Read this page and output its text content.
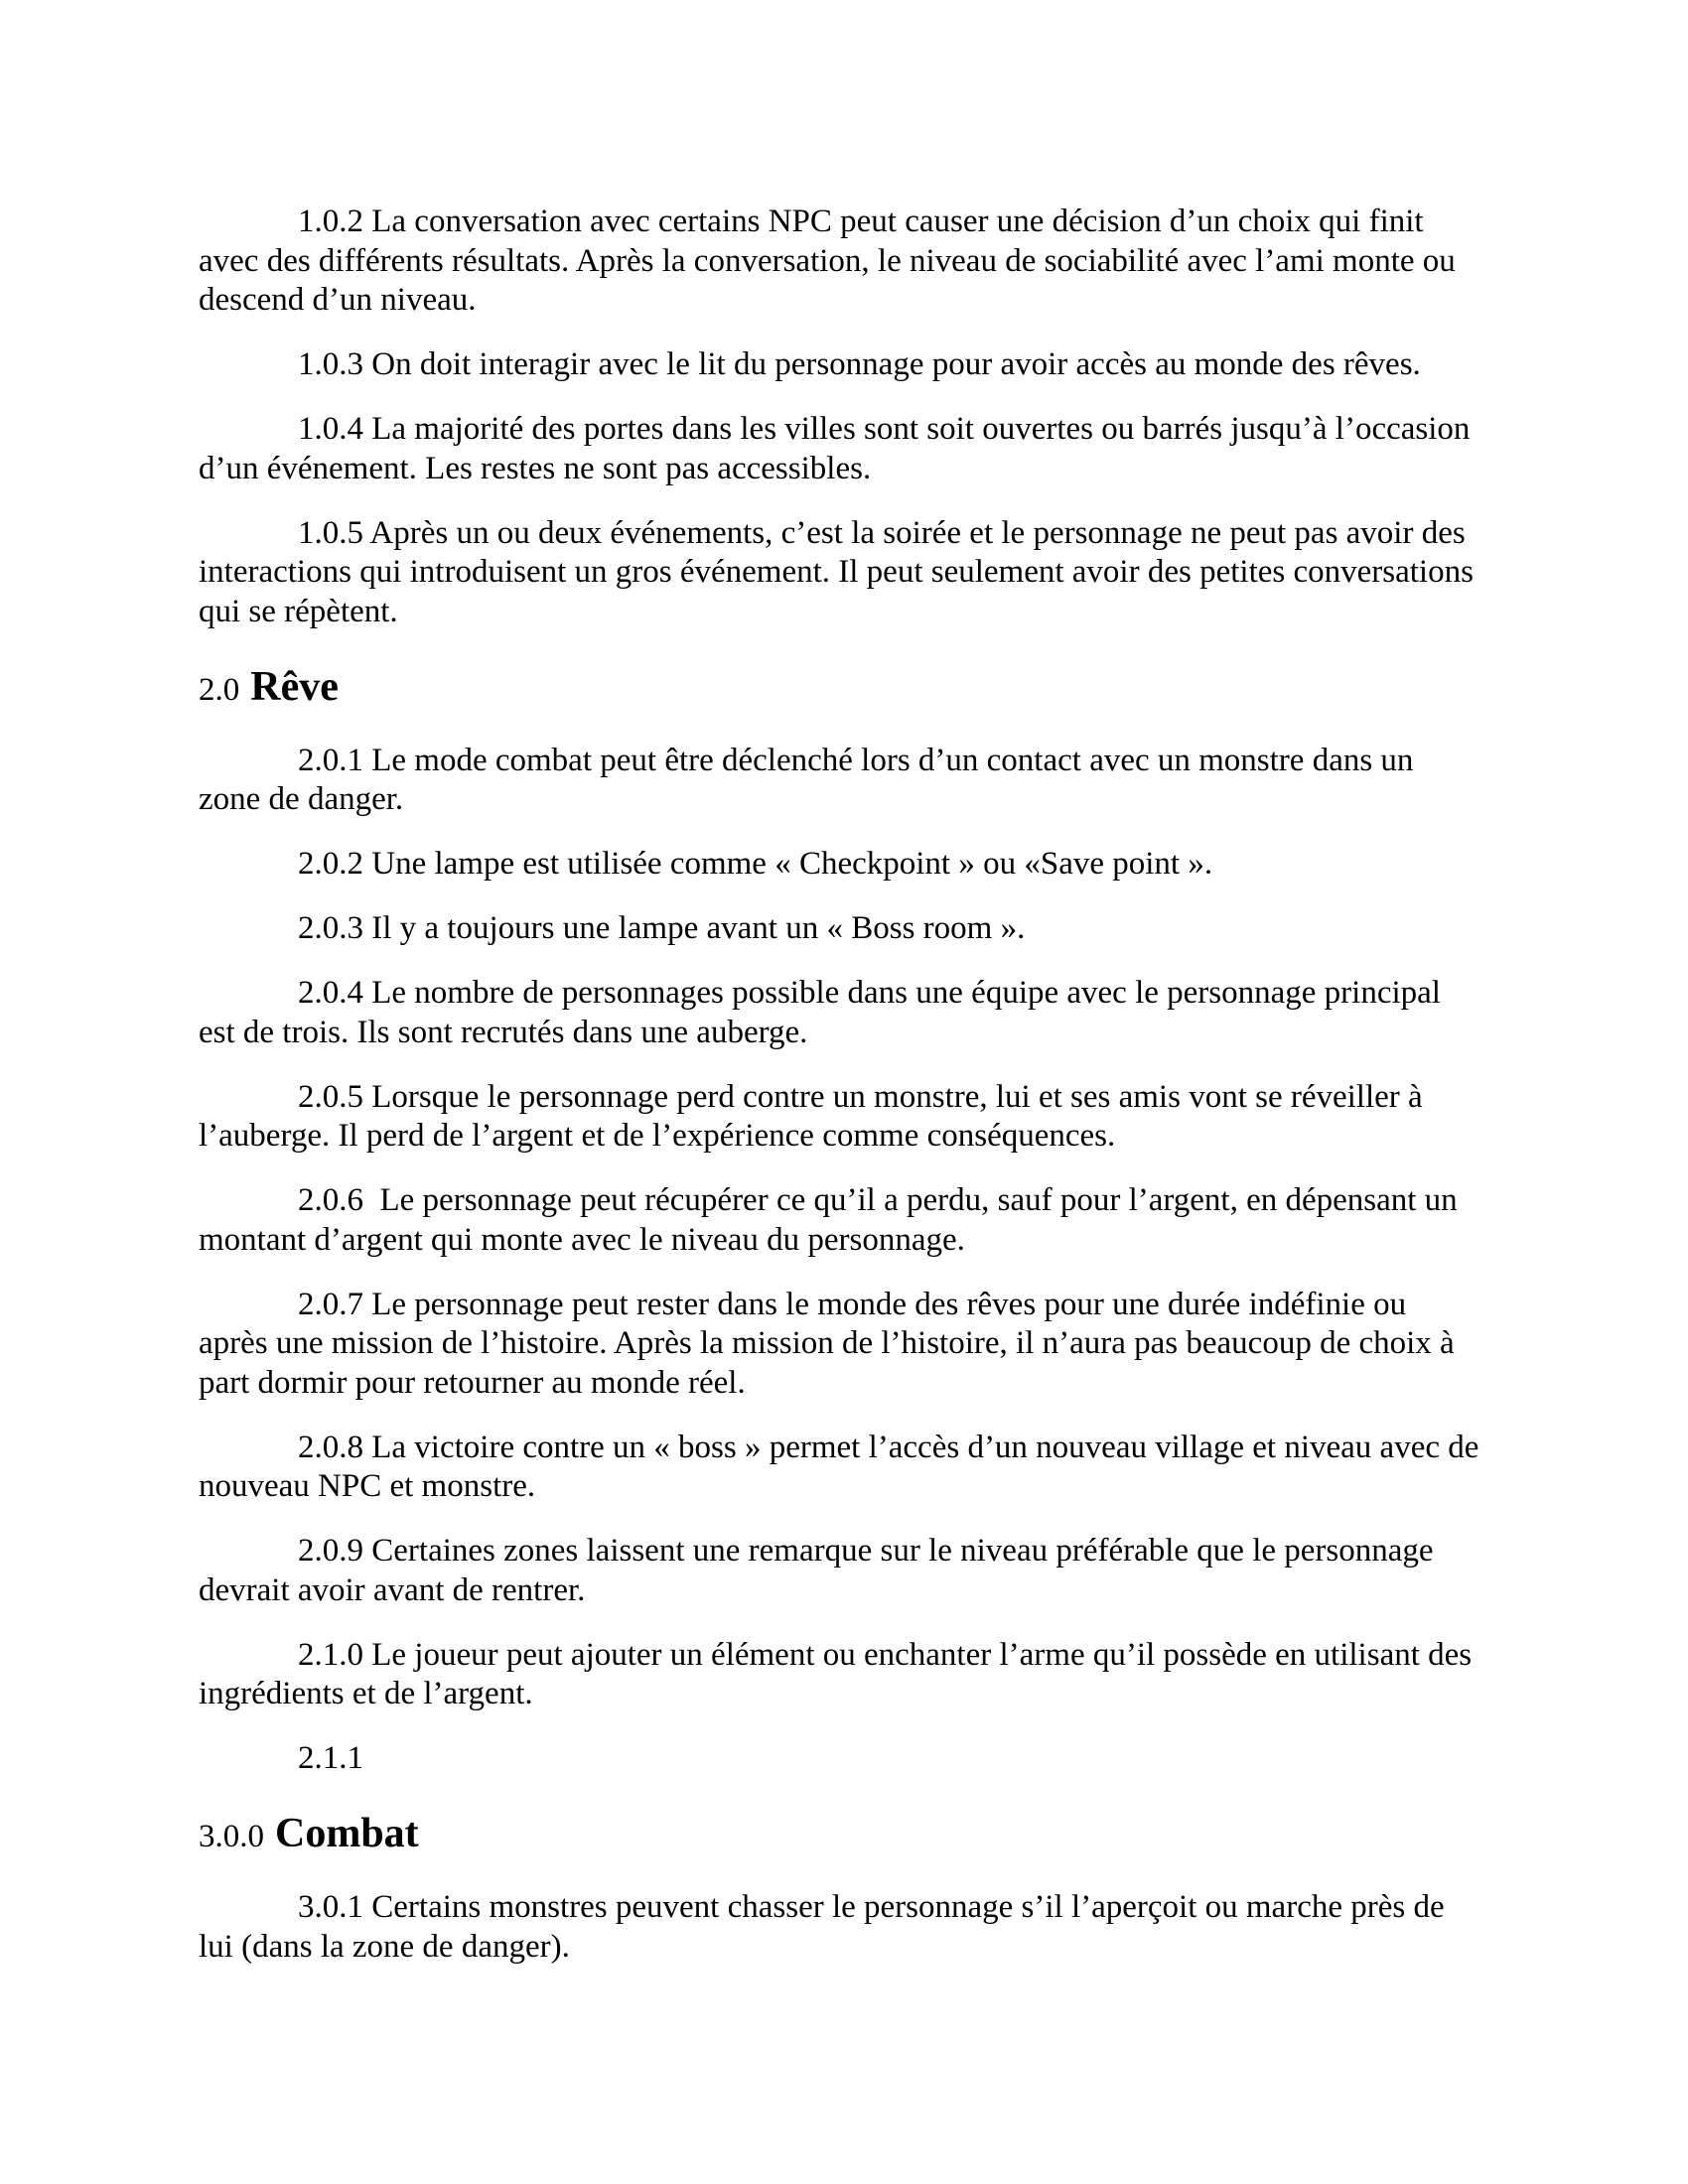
1.0.2 La conversation avec certains NPC peut causer une décision d’un choix qui finit
avec des différents résultats. Après la conversation, le niveau de sociabilité avec l’ami monte ou
descend d’un niveau.

1.0.3 On doit interagir avec le lit du personnage pour avoir accès au monde des rêves.

1.0.4 La majorité des portes dans les villes sont soit ouvertes ou barrés jusqu’à l’occasion
d’un événement. Les restes ne sont pas accessibles.

1.0.5 Après un ou deux événements, c’est la soirée et le personnage ne peut pas avoir des
interactions qui introduisent un gros événement. Il peut seulement avoir des petites conversations
qui se répètent.

2.0 Rêve

2.0.1 Le mode combat peut être déclenché lors d’un contact avec un monstre dans un
zone de danger.

2.0.2 Une lampe est utilisée comme « Checkpoint » ou «Save point ».

2.0.3 Il y a toujours une lampe avant un « Boss room ».

2.0.4 Le nombre de personnages possible dans une équipe avec le personnage principal
est de trois. Ils sont recrutés dans une auberge.

2.0.5 Lorsque le personnage perd contre un monstre, lui et ses amis vont se réveiller à
l’auberge. Il perd de l’argent et de l’expérience comme conséquences.

2.0.6  Le personnage peut récupérer ce qu’il a perdu, sauf pour l’argent, en dépensant un
montant d’argent qui monte avec le niveau du personnage.

2.0.7 Le personnage peut rester dans le monde des rêves pour une durée indéfinie ou
après une mission de l’histoire. Après la mission de l’histoire, il n’aura pas beaucoup de choix à
part dormir pour retourner au monde réel.

2.0.8 La victoire contre un « boss » permet l’accès d’un nouveau village et niveau avec de
nouveau NPC et monstre.

2.0.9 Certaines zones laissent une remarque sur le niveau préférable que le personnage
devrait avoir avant de rentrer.

2.1.0 Le joueur peut ajouter un élément ou enchanter l’arme qu’il possède en utilisant des
ingrédients et de l’argent.

2.1.1

3.0.0 Combat

3.0.1 Certains monstres peuvent chasser le personnage s’il l’aperçoit ou marche près de
lui (dans la zone de danger).
